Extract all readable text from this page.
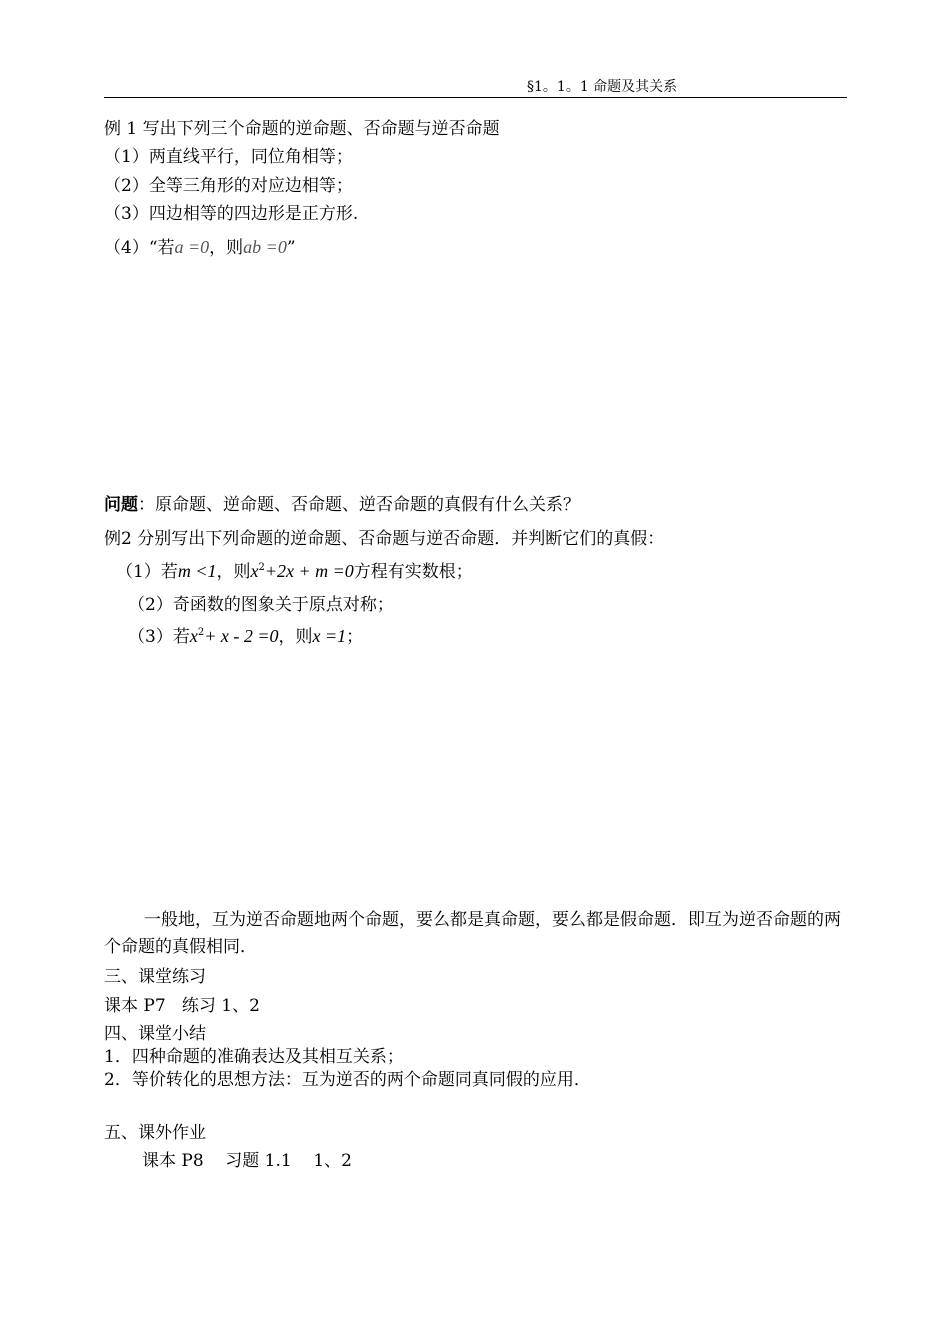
§1。1。1 命题及其关系
例 1 写出下列三个命题的逆命题、否命题与逆否命题
（1）两直线平行，同位角相等；
（2）全等三角形的对应边相等；
（3）四边相等的四边形是正方形.
（4）“若a =0，则ab =0”
问题：原命题、逆命题、否命题、逆否命题的真假有什么关系？
例2 分别写出下列命题的逆命题、否命题与逆否命题．并判断它们的真假：
（1）若m <1，则$x^2+2x + m =0$方程有实数根；
（2）奇函数的图象关于原点对称；
（3）若$x^2+ x - 2 =0$，则x =1；
一般地，互为逆否命题地两个命题，要么都是真命题，要么都是假命题．即互为逆否命题的两个命题的真假相同．
三、课堂练习
课本 P7   练习 1、2
四、课堂小结
1．四种命题的准确表达及其相互关系；
2．等价转化的思想方法：互为逆否的两个命题同真同假的应用．
五、课外作业
课本 P8    习题 1.1    1、2
